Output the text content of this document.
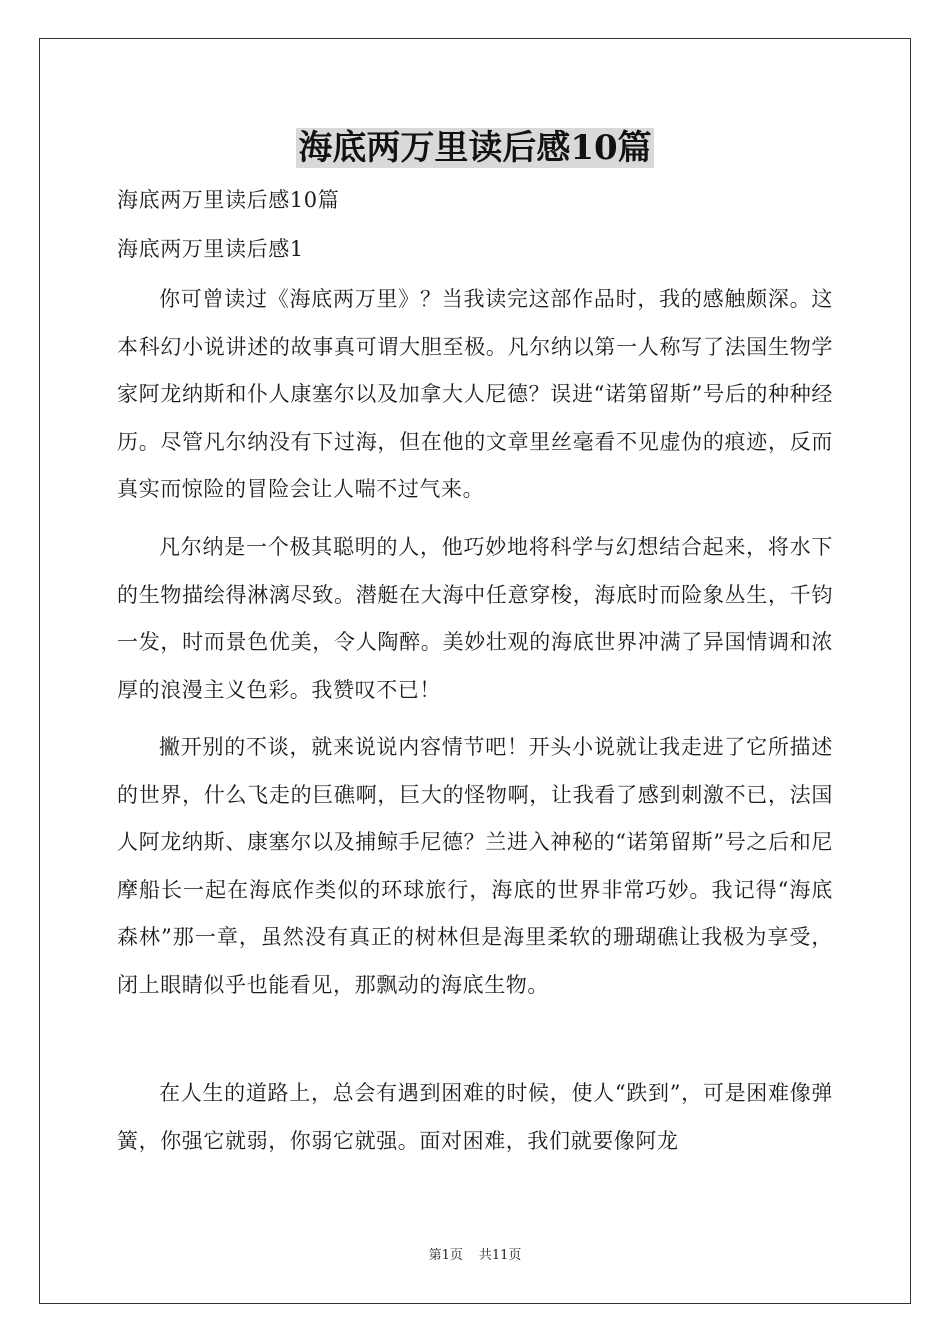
海底两万里读后感10篇
海底两万里读后感10篇
海底两万里读后感1

你可曾读过《海底两万里》？当我读完这部作品时，我的感触颇深。这本科幻小说讲述的故事真可谓大胆至极。凡尔纳以第一人称写了法国生物学家阿龙纳斯和仆人康塞尔以及加拿大人尼德？误进“诺第留斯”号后的种种经历。尽管凡尔纳没有下过海，但在他的文章里丝毫看不见虚伪的痕迹，反而真实而惊险的冒险会让人喘不过气来。

凡尔纳是一个极其聪明的人，他巧妙地将科学与幻想结合起来，将水下的生物描绘得淋漓尽致。潜艇在大海中任意穿梭，海底时而险象丛生，千钧一发，时而景色优美，令人陶醉。美妙壮观的海底世界冲满了异国情调和浓厚的浪漫主义色彩。我赞叹不已！

撇开别的不谈，就来说说内容情节吧！开头小说就让我走进了它所描述的世界，什么飞走的巨礁啊，巨大的怪物啊，让我看了感到刺激不已，法国人阿龙纳斯、康塞尔以及捕鲸手尼德？兰进入神秘的“诺第留斯”号之后和尼摩船长一起在海底作类似的环球旅行，海底的世界非常巧妙。我记得“海底森林”那一章，虽然没有真正的树林但是海里柔软的珊瑚礁让我极为享受，闭上眼睛似乎也能看见，那飘动的海底生物。

在人生的道路上，总会有遇到困难的时候，使人“跌到”，可是困难像弹簧，你强它就弱，你弱它就强。面对困难，我们就要像阿龙

第1页 共11页
